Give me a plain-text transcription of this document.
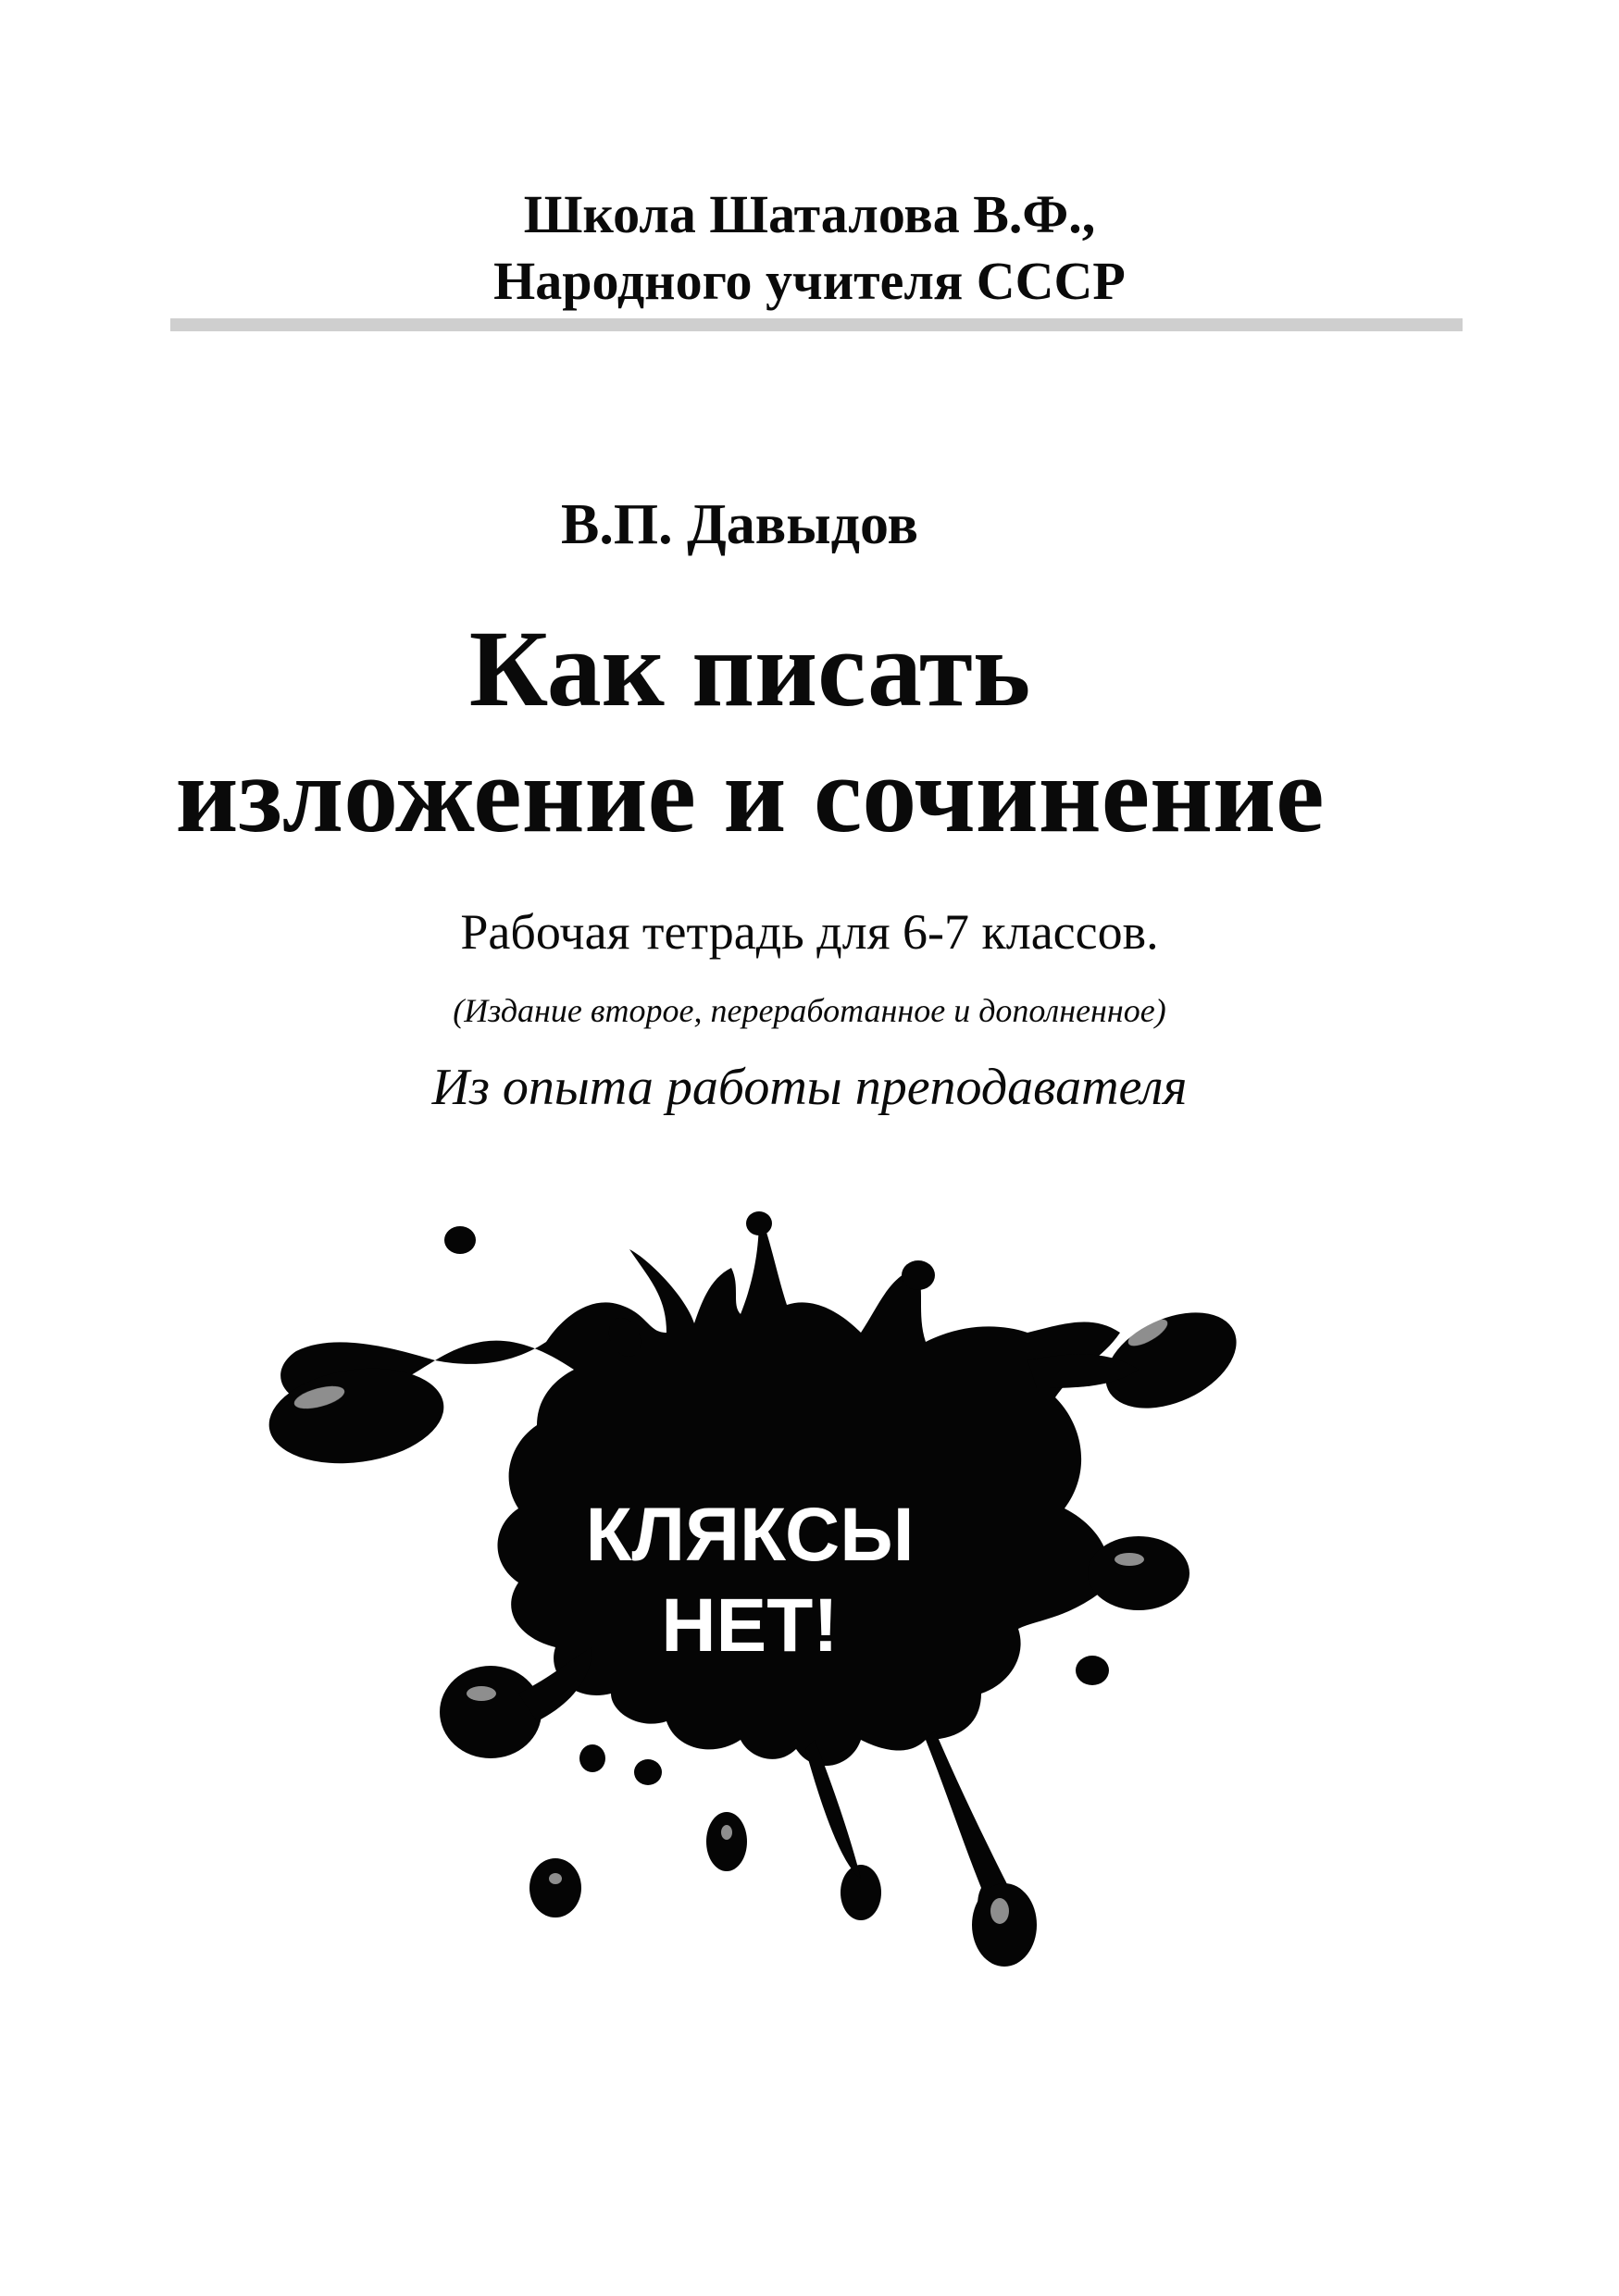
Школа Шаталова В.Ф.,
Народного учителя СССР
В.П. Давыдов
Как писать
изложение и сочинение
Рабочая тетрадь для 6-7 классов.
(Издание второе, переработанное и дополненное)
Из опыта работы преподавателя
КЛЯКСЫ
НЕТ!
